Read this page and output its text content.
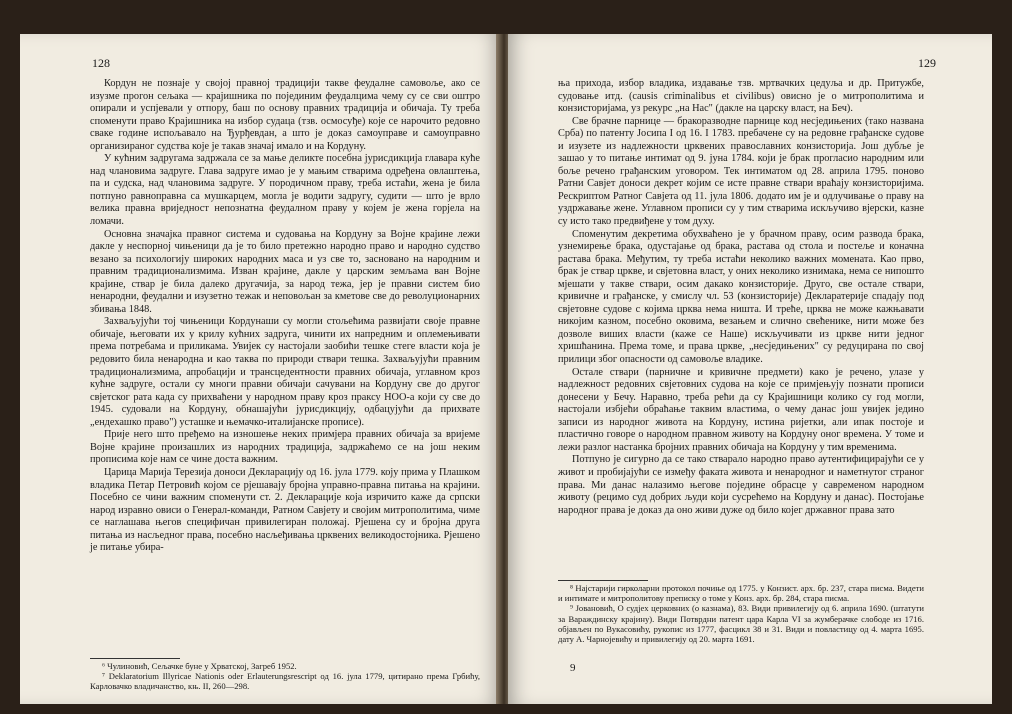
128

Кордун не познаје у својој правној традицији такве феудалне самовоље, ако се изузме прогон сељака — крајишника по појединим феудалцима чему су се сви оштро опирали и успјевали у отпору, баш по основу правних традиција и обичаја. Ту треба споменути право Крајишника на избор судаца (тзв. осмосуђе) које се нарочито редовно сваке године испољавало на Ђурђевдан, а што је доказ самоуправе и самоуправно организираног судства које је такав значај имало и на Кордуну.

У кућним задругама задржала се за мање деликте посебна јурисдикција главара куће над члановима задруге. Глава задруге имао је у мањим стварима одређена овлаштења, па и судска, над члановима задруге. У породичном праву, треба истаћи, жена је била потпуно равноправна са мушкарцем, могла је водити задругу, судити — што је врло велика правна вриједност непознатна феудалном праву у којем је жена горјела на ломачи.

Основна значајка правног система и судовања на Кордуну за Војне крајине лежи дакле у неспорној чињеници да је то било претежно народно право и народно судство везано за психологију широких народних маса и уз све то, засновано на народним и правним традиционализмима. Изван крајине, дакле у царским земљама ван Војне крајине, ствар је била далеко другачија, за народ тежа, јер је правни систем био ненародни, феудални и изузетно тежак и неповољан за кметове све до револуционарних збивања 1848.

Захваљујући тој чињеници Кордунаши су могли стољећима развијати своје правне обичаје, његовати их у крилу кућних задруга, чинити их напредним и оплемењивати према потребама и приликама. Увијек су настојали заобићи тешке стеге власти која је редовито била ненародна и као таква по природи ствари тешка. Захваљујући правним традиционализмима, апробацији и трансцедентности правних обичаја, углавном кроз кућне задруге, остали су многи правни обичаји сачувани на Кордуну све до другог свјетског рата када су прихваћени у народном праву кроз праксу НОО-а који су све до 1945. судовали на Кордуну, обнашајући јурисдикцију, одбацујући да прихвате „ендехашко право") усташке и њемачко-италијанске прописе).

Прије него што пређемо на изношење неких примјера правних обичаја за вријеме Војне крајине произашлих из народних традиција, задржаћемо се на још неким прописима које нам се чине доста важним.

Царица Марија Терезија доноси Декларацију од 16. јула 1779. коју прима у Плашком владика Петар Петровић којом се рјешавају бројна управно-правна питања на крајини. Посебно се чини важним споменути ст. 2. Декларације која изричито каже да српски народ изравно овиси о Генерал-команди, Ратном Савјету и својим митрополитима, чиме се наглашава његов специфичан привилегиран положај. Рјешена су и бројна друга питања из насљедног права, посебно насљеђивања црквених великодостојника. Рјешено је питање убира-

⁶ Чулиновић, Сељачке буне у Хрватској, Загреб 1952.

⁷ Deklaratorium Illyricae Nationis oder Erlauterungsrescript од 16. јула 1779, цитирано према Грбићу, Карловачко владичанство, књ. II, 260—298.

129

ња прихода, избор владика, издавање тзв. мртвачких цедуља и др. Притужбе, судовање итд. (causis criminalibus et civilibus) овисно је о митрополитима и конзисторијама, уз рекурс „на Нас" (дакле на царску власт, на Беч).

Све брачне парнице — бракоразводне парнице код несједињених (тако названа Срба) по патенту Јосипа I од 16. I 1783. пребачене су на редовне грађанске судове и изузете из надлежности црквених православних конзисторија. Још дубље је зашао у то питање интимат од 9. јуна 1784. који је брак прогласио народним или боље речено грађанским уговором. Тек интиматом од 28. априла 1795. поново Ратни Савјет доноси декрет којим се исте правне ствари враћају конзисторијима. Рескриптом Ратног Савјета од 11. јула 1806. додато им је и одлучивање о праву на уздржавање жене. Углавном прописи су у тим стварима искључиво вјерски, казне су исто тако предвиђене у том духу.

Споменутим декретима обухваћено је у брачном праву, осим развода брака, узнемирење брака, одустајање од брака, растава од стола и постеље и коначна растава брака. Међутим, ту треба истаћи неколико важних момената. Као прво, брак је ствар цркве, и свјетовна власт, у оних неколико изнимака, нема се нипошто мјешати у такве ствари, осим дакако конзисторије. Друго, све остале ствари, кривичне и грађанске, у смислу чл. 53 (конзисторије) Декларатерије спадају под свјетовне судове с којима црква нема ништа. И треће, црква не може кажњавати никојим казном, посебно оковима, везањем и слично свећенике, нити може без дозволе виших власти (каже се Наше) искључивати из цркве нити једног хришћанина. Према томе, и права цркве, „несједињених" су редуцирана по свој прилици због опасности од самовоље владике.

Остале ствари (парничне и кривичне предмети) како је речено, улазе у надлежност редовних свјетовних судова на које се примјењују познати прописи донесени у Бечу. Наравно, треба рећи да су Крајишници колико су год могли, настојали избјећи обраћање таквим властима, о чему данас још увијек једино записи из народног живота на Кордуну, истина ријетки, али ипак постоје и пластично говоре о народном правном животу на Кордуну оног времена. У томе и лежи разлог настанка бројних правних обичаја на Кордуну у тим временима.

Потпуно је сигурно да се тако стварало народно право аутентифицирајући се у живот и пробијајући се између факата живота и ненародног и наметнутог страног права. Ми данас налазимо његове поједине обрасце у савременом народном животу (рецимо суд добрих људи који сусрећемо на Кордуну и данас). Постојање народног права је доказ да оно живи дуже од било којег државног права зато

⁸ Најстарији гирколарни протокол почиње од 1775. у Конзист. арх. бр. 237, стара писма. Видети и интимате и митрополитову преписку о томе у Конз. арх. бр. 284, стара писма.

⁹ Јовановић, О судјех церковних (о казнама), 83. Види привилегију од 6. априла 1690. (штатути за Вараждинску крајину). Види Потврдни патент цара Карла VI за жумберачке слободе из 1716. објављен по Вукасовићу, рукопис из 1777, фасцикл 38 и 31. Види и повластицу од 4. марта 1695. дату А. Чарнојевићу и привилегију од 20. марта 1691.

9
